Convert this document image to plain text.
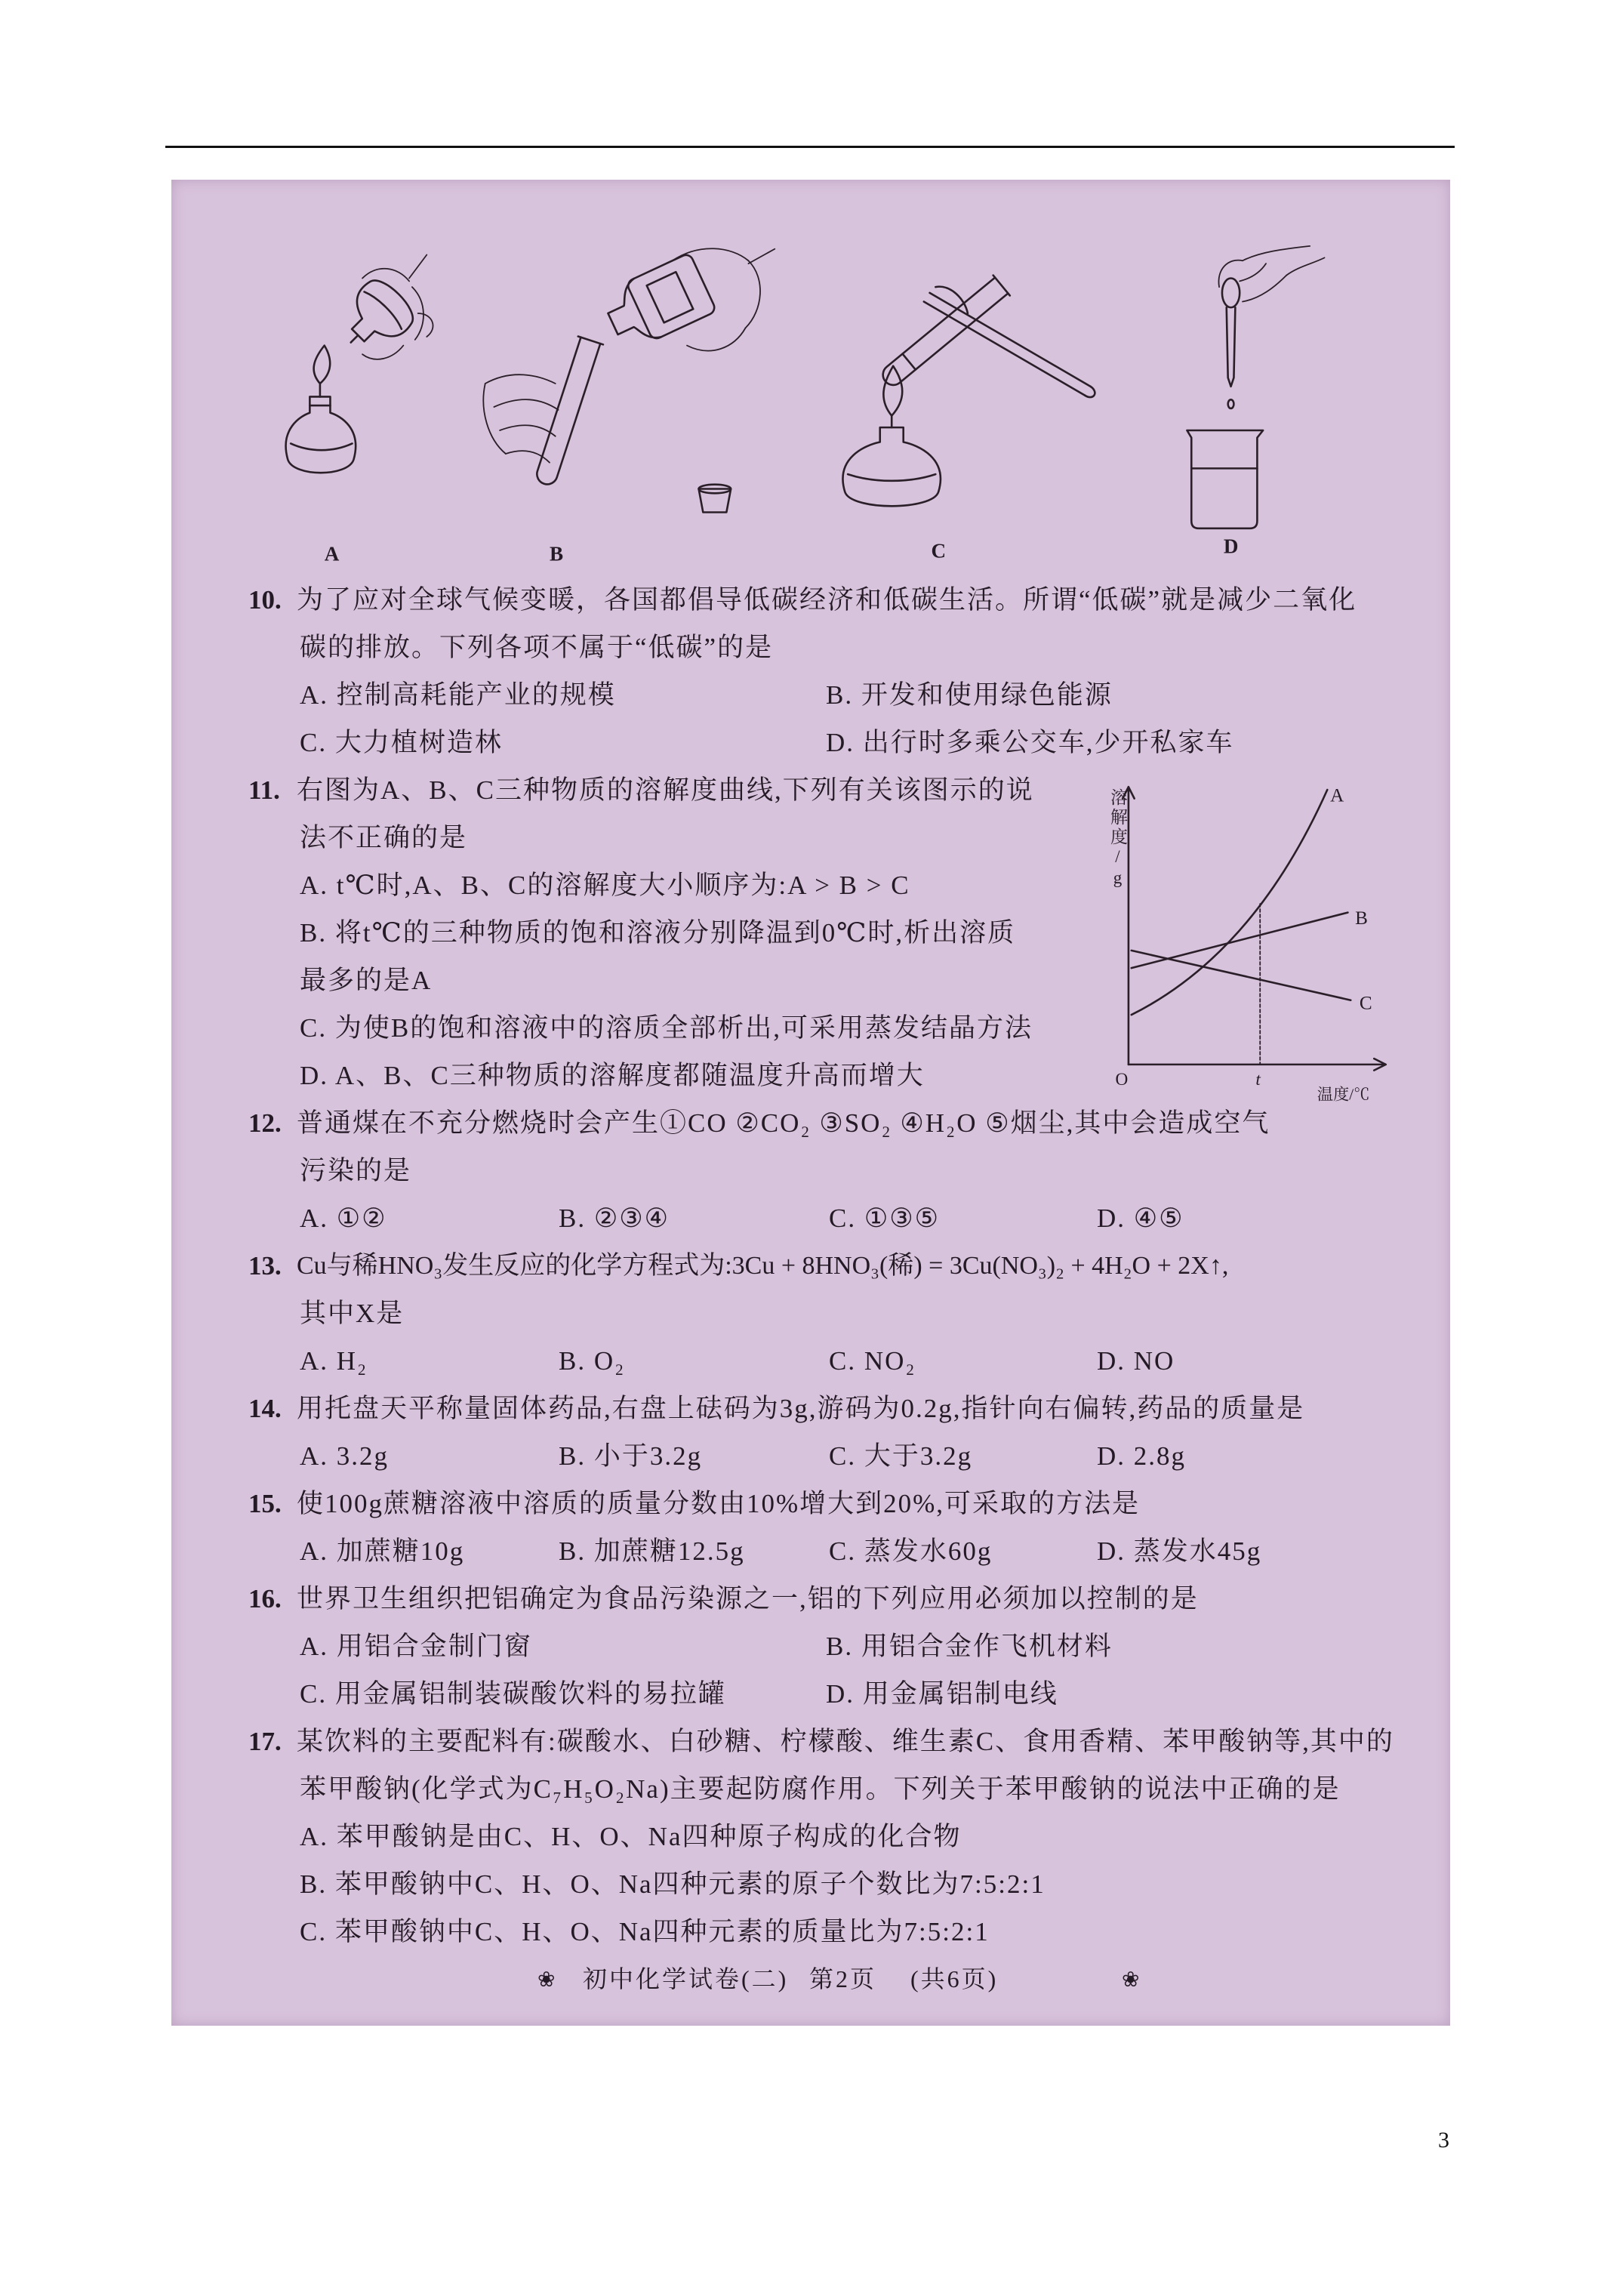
A	B	C	D
O	t
温度/℃
A
B
C
溶解度/g
10. 为了应对全球气候变暖，各国都倡导低碳经济和低碳生活。所谓“低碳”就是减少二氧化
碳的排放。下列各项不属于“低碳”的是
A. 控制高耗能产业的规模	B. 开发和使用绿色能源
C. 大力植树造林	D. 出行时多乘公交车,少开私家车
11. 右图为A、B、C三种物质的溶解度曲线,下列有关该图示的说
法不正确的是
A. t℃时,A、B、C的溶解度大小顺序为:A > B > C
B. 将t℃的三种物质的饱和溶液分别降温到0℃时,析出溶质
最多的是A
C. 为使B的饱和溶液中的溶质全部析出,可采用蒸发结晶方法
D. A、B、C三种物质的溶解度都随温度升高而增大
12. 普通煤在不充分燃烧时会产生①CO ②CO₂ ③SO₂ ④H₂O ⑤烟尘,其中会造成空气
污染的是
A. ①②	B. ②③④	C. ①③⑤	D. ④⑤
13. Cu与稀HNO₃发生反应的化学方程式为:3Cu + 8HNO₃(稀) = 3Cu(NO₃)₂ + 4H₂O + 2X↑,
其中X是
A. H₂	B. O₂	C. NO₂	D. NO
14. 用托盘天平称量固体药品,右盘上砝码为3g,游码为0.2g,指针向右偏转,药品的质量是
A. 3.2g	B. 小于3.2g	C. 大于3.2g	D. 2.8g
15. 使100g蔗糖溶液中溶质的质量分数由10%增大到20%,可采取的方法是
A. 加蔗糖10g	B. 加蔗糖12.5g	C. 蒸发水60g	D. 蒸发水45g
16. 世界卫生组织把铝确定为食品污染源之一,铝的下列应用必须加以控制的是
A. 用铝合金制门窗	B. 用铝合金作飞机材料
C. 用金属铝制装碳酸饮料的易拉罐	D. 用金属铝制电线
17. 某饮料的主要配料有:碳酸水、白砂糖、柠檬酸、维生素C、食用香精、苯甲酸钠等,其中的
苯甲酸钠(化学式为C₇H₅O₂Na)主要起防腐作用。下列关于苯甲酸钠的说法中正确的是
A. 苯甲酸钠是由C、H、O、Na四种原子构成的化合物
B. 苯甲酸钠中C、H、O、Na四种元素的原子个数比为7:5:2:1
C. 苯甲酸钠中C、H、O、Na四种元素的质量比为7:5:2:1
❀ 初中化学试卷(二) 第2页 (共6页)	❀
3
